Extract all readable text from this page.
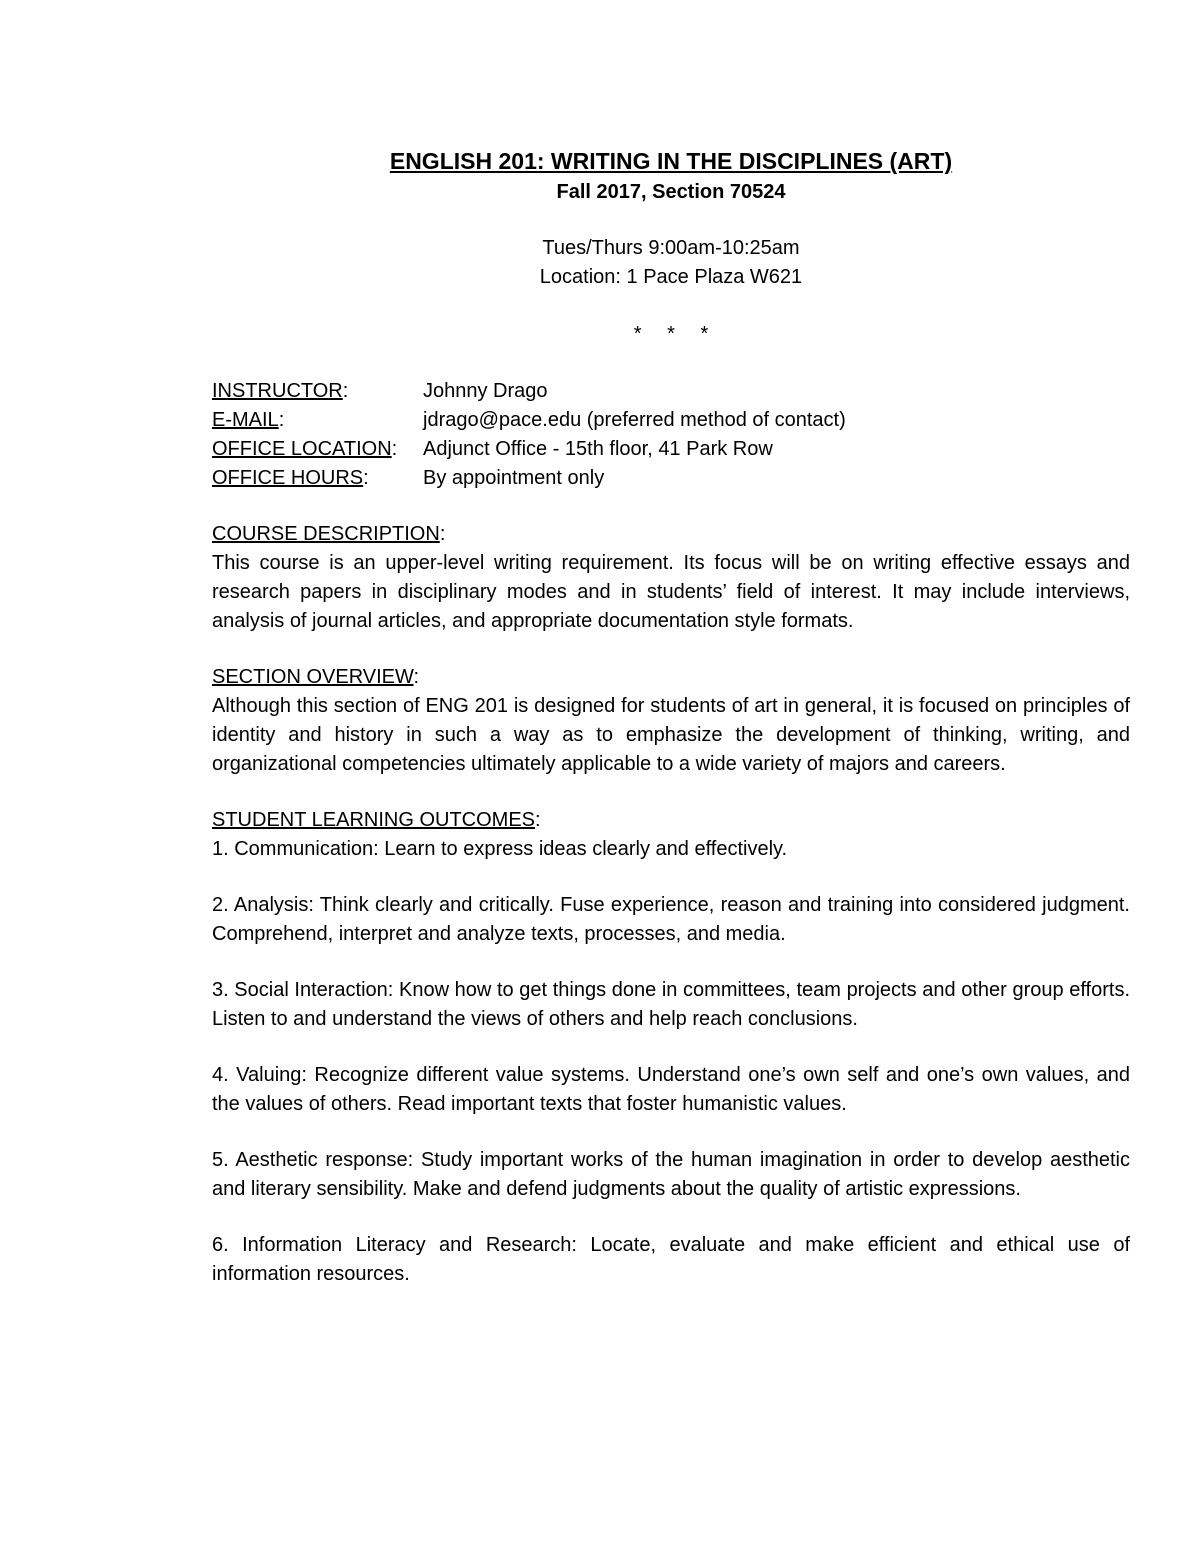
ENGLISH 201: WRITING IN THE DISCIPLINES (ART)

Fall 2017, Section 70524

Tues/Thurs 9:00am-10:25am

Location: 1 Pace Plaza W621

* * *

INSTRUCTOR:	Johnny Drago
E-MAIL:	jdrago@pace.edu (preferred method of contact)
OFFICE LOCATION:	Adjunct Office - 15th floor, 41 Park Row
OFFICE HOURS:	By appointment only

COURSE DESCRIPTION:

This course is an upper-level writing requirement. Its focus will be on writing effective essays and research papers in disciplinary modes and in students’ field of interest. It may include interviews, analysis of journal articles, and appropriate documentation style formats.

SECTION OVERVIEW:

Although this section of ENG 201 is designed for students of art in general, it is focused on principles of identity and history in such a way as to emphasize the development of thinking, writing, and organizational competencies ultimately applicable to a wide variety of majors and careers.

STUDENT LEARNING OUTCOMES:

1. Communication: Learn to express ideas clearly and effectively.

2. Analysis: Think clearly and critically. Fuse experience, reason and training into considered judgment. Comprehend, interpret and analyze texts, processes, and media.

3. Social Interaction: Know how to get things done in committees, team projects and other group efforts. Listen to and understand the views of others and help reach conclusions.

4. Valuing: Recognize different value systems. Understand one’s own self and one’s own values, and the values of others. Read important texts that foster humanistic values.

5. Aesthetic response: Study important works of the human imagination in order to develop aesthetic and literary sensibility. Make and defend judgments about the quality of artistic expressions.

6. Information Literacy and Research: Locate, evaluate and make efficient and ethical use of information resources.
